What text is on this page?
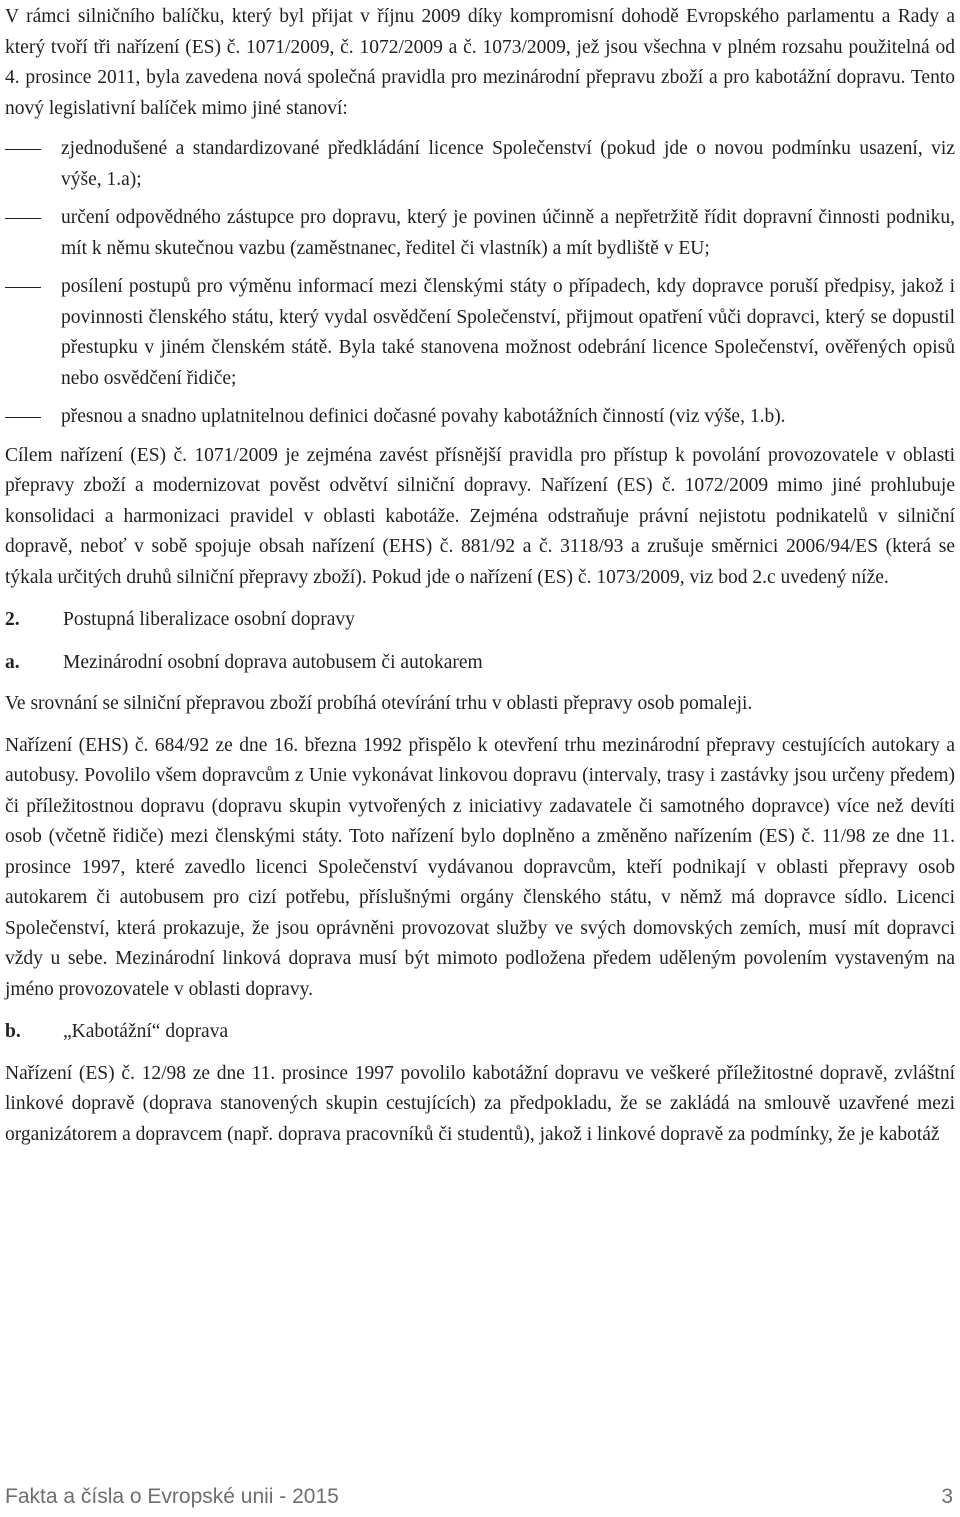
V rámci silničního balíčku, který byl přijat v říjnu 2009 díky kompromisní dohodě Evropského parlamentu a Rady a který tvoří tři nařízení (ES) č. 1071/2009, č. 1072/2009 a č. 1073/2009, jež jsou všechna v plném rozsahu použitelná od 4. prosince 2011, byla zavedena nová společná pravidla pro mezinárodní přepravu zboží a pro kabotážní dopravu. Tento nový legislativní balíček mimo jiné stanoví:

zjednodušené a standardizované předkládání licence Společenství (pokud jde o novou podmínku usazení, viz výše, 1.a);
určení odpovědného zástupce pro dopravu, který je povinen účinně a nepřetržitě řídit dopravní činnosti podniku, mít k němu skutečnou vazbu (zaměstnanec, ředitel či vlastník) a mít bydliště v EU;
posílení postupů pro výměnu informací mezi členskými státy o případech, kdy dopravce poruší předpisy, jakož i povinnosti členského státu, který vydal osvědčení Společenství, přijmout opatření vůči dopravci, který se dopustil přestupku v jiném členském státě. Byla také stanovena možnost odebrání licence Společenství, ověřených opisů nebo osvědčení řidiče;
přesnou a snadno uplatnitelnou definici dočasné povahy kabotážních činností (viz výše, 1.b).

Cílem nařízení (ES) č. 1071/2009 je zejména zavést přísnější pravidla pro přístup k povolání provozovatele v oblasti přepravy zboží a modernizovat pověst odvětví silniční dopravy. Nařízení (ES) č. 1072/2009 mimo jiné prohlubuje konsolidaci a harmonizaci pravidel v oblasti kabotáže. Zejména odstraňuje právní nejistotu podnikatelů v silniční dopravě, neboť v sobě spojuje obsah nařízení (EHS) č. 881/92 a č. 3118/93 a zrušuje směrnici 2006/94/ES (která se týkala určitých druhů silniční přepravy zboží). Pokud jde o nařízení (ES) č. 1073/2009, viz bod 2.c uvedený níže.

2.	Postupná liberalizace osobní dopravy
a.	Mezinárodní osobní doprava autobusem či autokarem

Ve srovnání se silniční přepravou zboží probíhá otevírání trhu v oblasti přepravy osob pomaleji.

Nařízení (EHS) č. 684/92 ze dne 16. března 1992 přispělo k otevření trhu mezinárodní přepravy cestujících autokary a autobusy. Povolilo všem dopravcům z Unie vykonávat linkovou dopravu (intervaly, trasy i zastávky jsou určeny předem) či příležitostnou dopravu (dopravu skupin vytvořených z iniciativy zadavatele či samotného dopravce) více než devíti osob (včetně řidiče) mezi členskými státy. Toto nařízení bylo doplněno a změněno nařízením (ES) č. 11/98 ze dne 11. prosince 1997, které zavedlo licenci Společenství vydávanou dopravcům, kteří podnikají v oblasti přepravy osob autokarem či autobusem pro cizí potřebu, příslušnými orgány členského státu, v němž má dopravce sídlo. Licenci Společenství, která prokazuje, že jsou oprávněni provozovat služby ve svých domovských zemích, musí mít dopravci vždy u sebe. Mezinárodní linková doprava musí být mimoto podložena předem uděleným povolením vystaveným na jméno provozovatele v oblasti dopravy.

b.	„Kabotážní“ doprava

Nařízení (ES) č. 12/98 ze dne 11. prosince 1997 povolilo kabotážní dopravu ve veškeré příležitostné dopravě, zvláštní linkové dopravě (doprava stanovených skupin cestujících) za předpokladu, že se zakládá na smlouvě uzavřené mezi organizátorem a dopravcem (např. doprava pracovníků či studentů), jakož i linkové dopravě za podmínky, že je kabotáž

Fakta a čísla o Evropské unii - 2015	3
